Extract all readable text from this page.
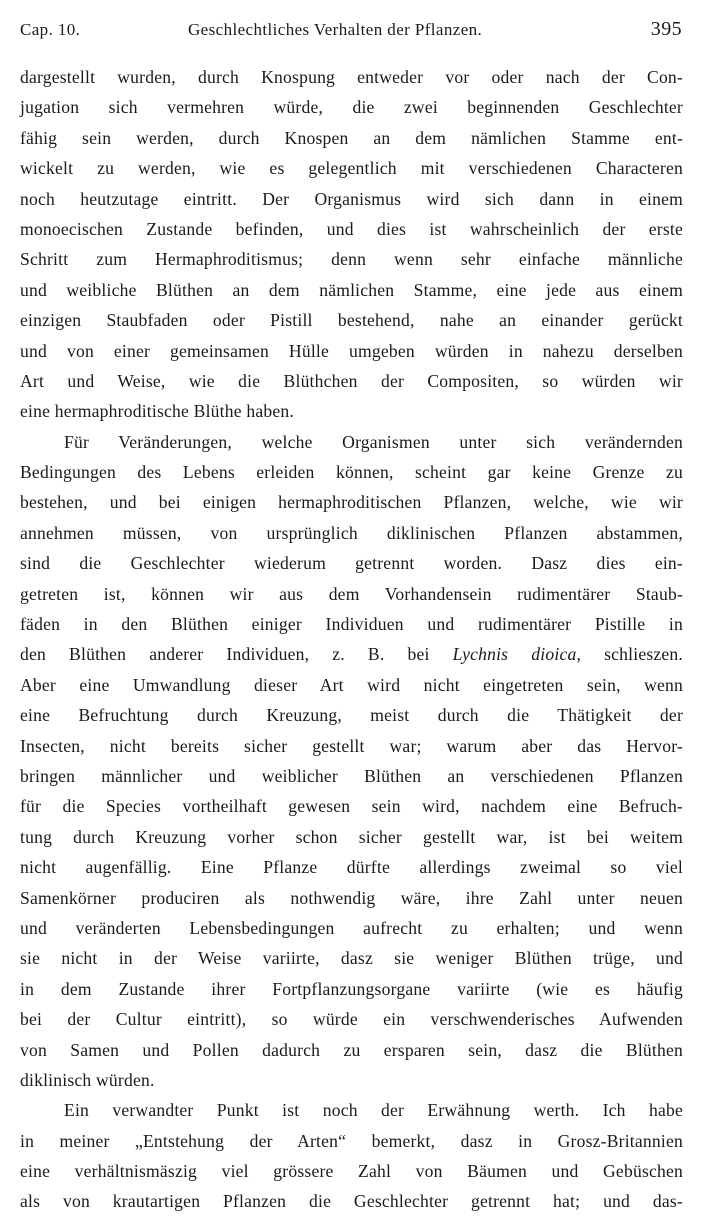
Cap. 10.	Geschlechtliches Verhalten der Pflanzen.	395
dargestellt wurden, durch Knospung entweder vor oder nach der Con-
jugation sich vermehren würde, die zwei beginnenden Geschlechter
fähig sein werden, durch Knospen an dem nämlichen Stamme ent-
wickelt zu werden, wie es gelegentlich mit verschiedenen Characteren
noch heutzutage eintritt. Der Organismus wird sich dann in einem
monoecischen Zustande befinden, und dies ist wahrscheinlich der erste
Schritt zum Hermaphroditismus; denn wenn sehr einfache männliche
und weibliche Blüthen an dem nämlichen Stamme, eine jede aus einem
einzigen Staubfaden oder Pistill bestehend, nahe an einander gerückt
und von einer gemeinsamen Hülle umgeben würden in nahezu derselben
Art und Weise, wie die Blüthchen der Compositen, so würden wir
eine hermaphroditische Blüthe haben.
Für Veränderungen, welche Organismen unter sich verändernden
Bedingungen des Lebens erleiden können, scheint gar keine Grenze zu
bestehen, und bei einigen hermaphroditischen Pflanzen, welche, wie wir
annehmen müssen, von ursprünglich diklinischen Pflanzen abstammen,
sind die Geschlechter wiederum getrennt worden. Dasz dies ein-
getreten ist, können wir aus dem Vorhandensein rudimentärer Staub-
fäden in den Blüthen einiger Individuen und rudimentärer Pistille in
den Blüthen anderer Individuen, z. B. bei Lychnis dioica, schlieszen.
Aber eine Umwandlung dieser Art wird nicht eingetreten sein, wenn
eine Befruchtung durch Kreuzung, meist durch die Thätigkeit der
Insecten, nicht bereits sicher gestellt war; warum aber das Hervor-
bringen männlicher und weiblicher Blüthen an verschiedenen Pflanzen
für die Species vortheilhaft gewesen sein wird, nachdem eine Befruch-
tung durch Kreuzung vorher schon sicher gestellt war, ist bei weitem
nicht augenfällig. Eine Pflanze dürfte allerdings zweimal so viel
Samenkörner produciren als nothwendig wäre, ihre Zahl unter neuen
und veränderten Lebensbedingungen aufrecht zu erhalten; und wenn
sie nicht in der Weise variirte, dasz sie weniger Blüthen trüge, und
in dem Zustande ihrer Fortpflanzungsorgane variirte (wie es häufig
bei der Cultur eintritt), so würde ein verschwenderisches Aufwenden
von Samen und Pollen dadurch zu ersparen sein, dasz die Blüthen
diklinisch würden.
Ein verwandter Punkt ist noch der Erwähnung werth. Ich habe
in meiner „Entstehung der Arten“ bemerkt, dasz in Grosz-Britannien
eine verhältnismäszig viel grössere Zahl von Bäumen und Gebüschen
als von krautartigen Pflanzen die Geschlechter getrennt hat; und das-
